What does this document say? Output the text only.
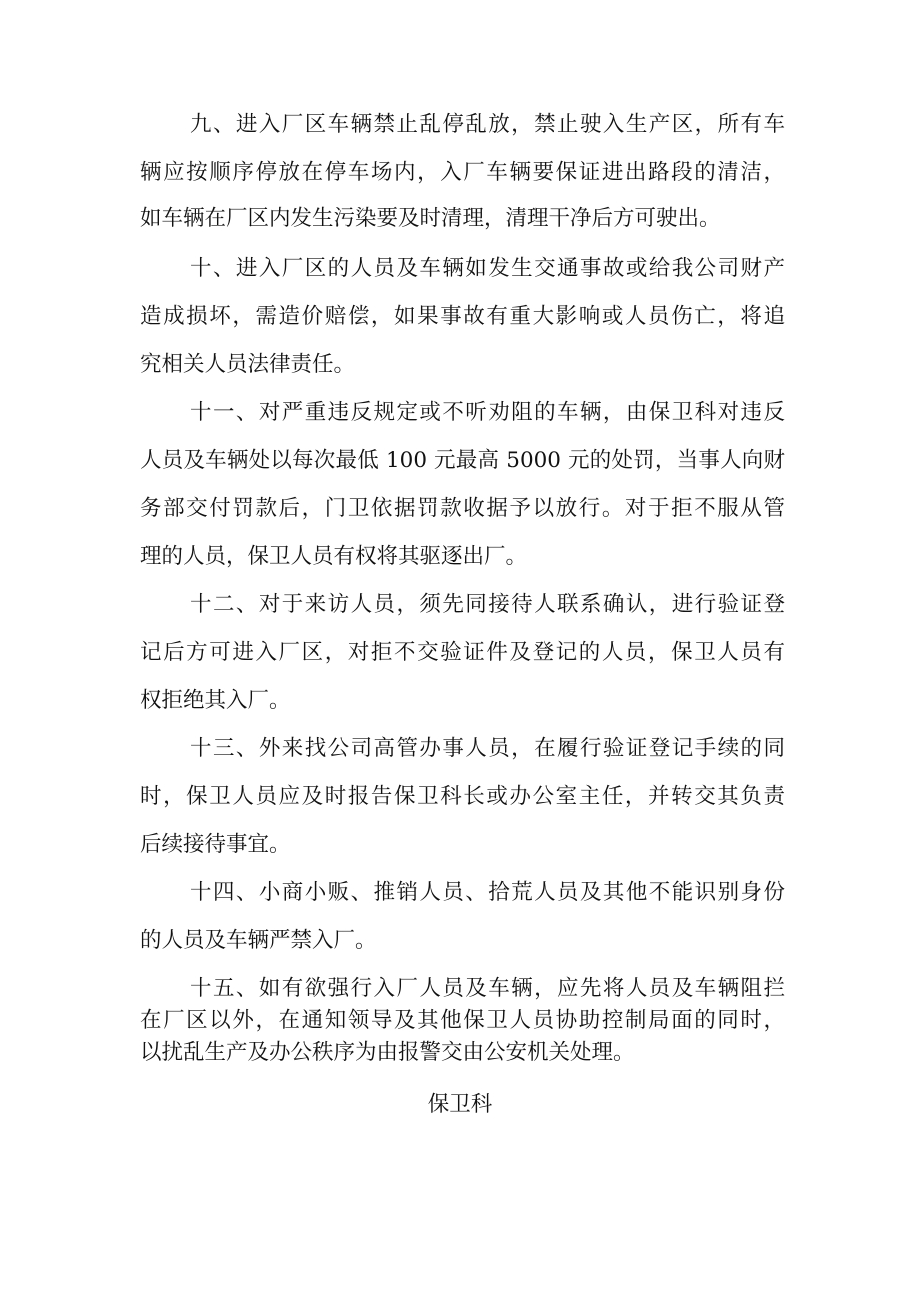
九、进入厂区车辆禁止乱停乱放，禁止驶入生产区，所有车
辆应按顺序停放在停车场内，入厂车辆要保证进出路段的清洁，
如车辆在厂区内发生污染要及时清理，清理干净后方可驶出。
十、进入厂区的人员及车辆如发生交通事故或给我公司财产
造成损坏，需造价赔偿，如果事故有重大影响或人员伤亡，将追
究相关人员法律责任。
十一、对严重违反规定或不听劝阻的车辆，由保卫科对违反
人员及车辆处以每次最低 100 元最高 5000 元的处罚，当事人向财
务部交付罚款后，门卫依据罚款收据予以放行。对于拒不服从管
理的人员，保卫人员有权将其驱逐出厂。
十二、对于来访人员，须先同接待人联系确认，进行验证登
记后方可进入厂区，对拒不交验证件及登记的人员，保卫人员有
权拒绝其入厂。
十三、外来找公司高管办事人员，在履行验证登记手续的同
时，保卫人员应及时报告保卫科长或办公室主任，并转交其负责
后续接待事宜。
十四、小商小贩、推销人员、拾荒人员及其他不能识别身份
的人员及车辆严禁入厂。
十五、如有欲强行入厂人员及车辆，应先将人员及车辆阻拦
在厂区以外，在通知领导及其他保卫人员协助控制局面的同时，
以扰乱生产及办公秩序为由报警交由公安机关处理。
保卫科
